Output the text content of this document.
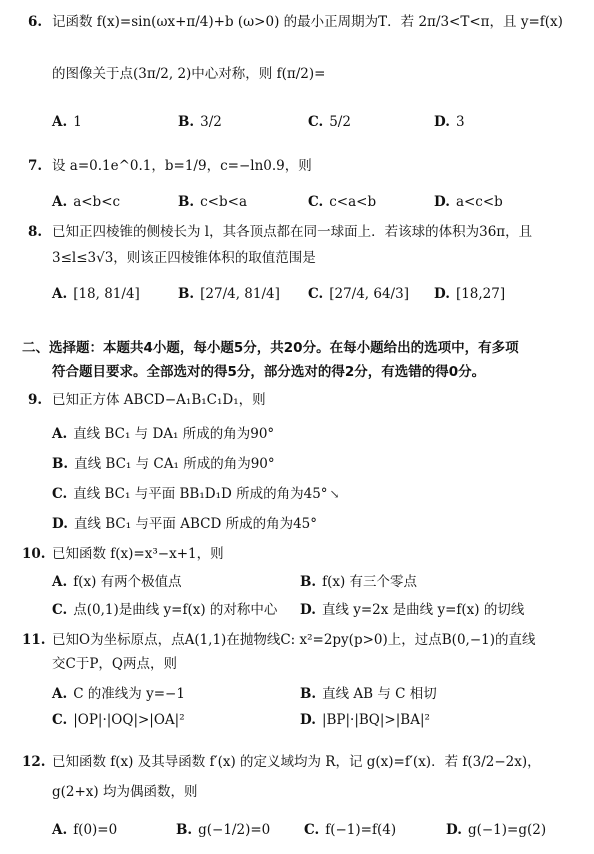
6. 记函数 f(x)=sin(ωx+π/4)+b (ω>0) 的最小正周期为T．若 2π/3<T<π，且 y=f(x)
的图像关于点(3π/2, 2)中心对称，则 f(π/2)=
A. 1	B. 3/2	C. 5/2	D. 3
7. 设 a=0.1e^0.1，b=1/9，c=−ln0.9，则
A. a<b<c	B. c<b<a	C. c<a<b	D. a<c<b
8. 已知正四棱锥的侧棱长为 l，其各顶点都在同一球面上．若该球的体积为36π，且
3≤l≤3√3，则该正四棱锥体积的取值范围是
A. [18, 81/4]	B. [27/4, 81/4] C. [27/4, 64/3] D. [18,27]
二、选择题：本题共4小题，每小题5分，共20分。在每小题给出的选项中，有多项
符合题目要求。全部选对的得5分，部分选对的得2分，有选错的得0分。
9. 已知正方体 ABCD−A₁B₁C₁D₁，则
A. 直线 BC₁ 与 DA₁ 所成的角为90°
B. 直线 BC₁ 与 CA₁ 所成的角为90°
C. 直线 BC₁ 与平面 BB₁D₁D 所成的角为45° ↘
D. 直线 BC₁ 与平面 ABCD 所成的角为45°
10. 已知函数 f(x)=x³−x+1，则
A. f(x) 有两个极值点	B. f(x) 有三个零点
C. 点(0,1)是曲线 y=f(x) 的对称中心 D. 直线 y=2x 是曲线 y=f(x) 的切线
11. 已知O为坐标原点，点A(1,1)在抛物线C: x²=2py(p>0)上，过点B(0,−1)的直线
交C于P，Q两点，则
A. C 的准线为 y=−1	B. 直线 AB 与 C 相切
C. |OP|·|OQ|>|OA|²	D. |BP|·|BQ|>|BA|²
12. 已知函数 f(x) 及其导函数 f′(x) 的定义域均为 R，记 g(x)=f′(x)．若 f(3/2−2x)，
g(2+x) 均为偶函数，则
A. f(0)=0	B. g(−1/2)=0	C. f(−1)=f(4)	D. g(−1)=g(2)
